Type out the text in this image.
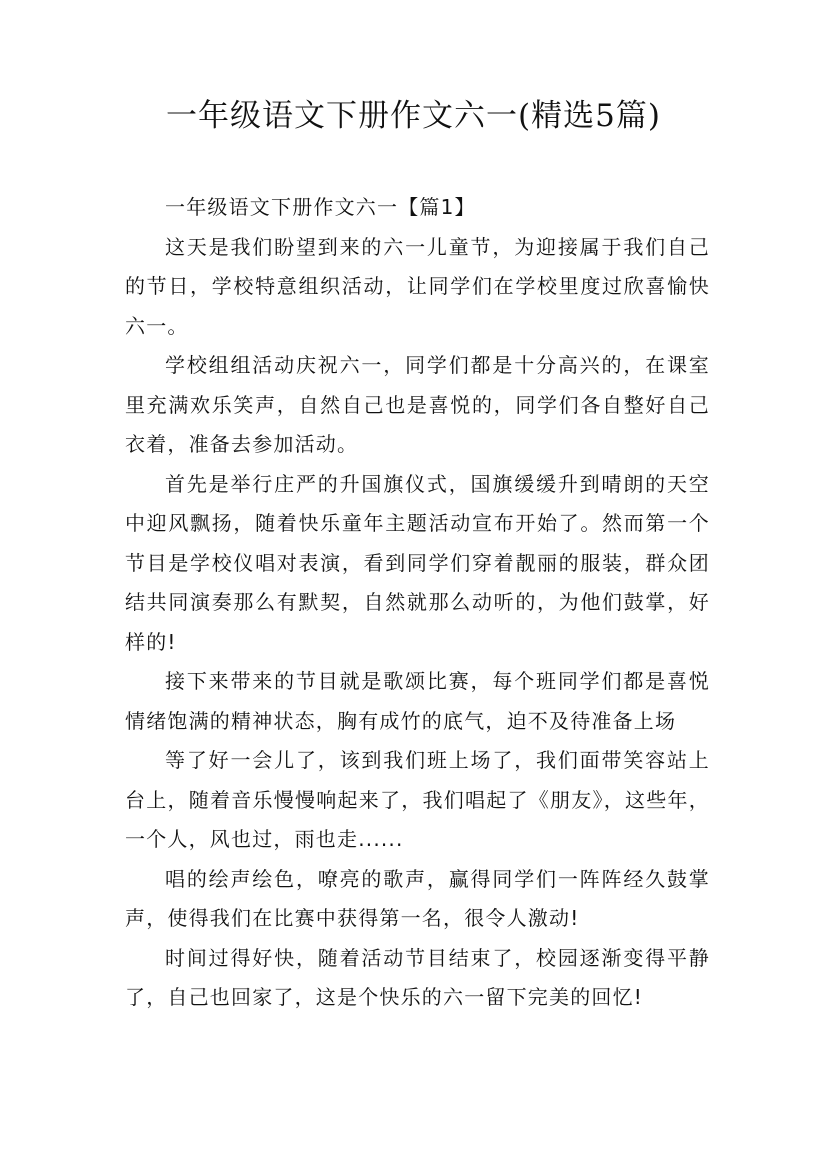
一年级语文下册作文六一(精选5篇)

一年级语文下册作文六一【篇1】

这天是我们盼望到来的六一儿童节，为迎接属于我们自己的节日，学校特意组织活动，让同学们在学校里度过欣喜愉快六一。

学校组组活动庆祝六一，同学们都是十分高兴的，在课室里充满欢乐笑声，自然自己也是喜悦的，同学们各自整好自己衣着，准备去参加活动。

首先是举行庄严的升国旗仪式，国旗缓缓升到晴朗的天空中迎风飘扬，随着快乐童年主题活动宣布开始了。然而第一个节目是学校仪唱对表演，看到同学们穿着靓丽的服装，群众团结共同演奏那么有默契，自然就那么动听的，为他们鼓掌，好样的!

接下来带来的节目就是歌颂比赛，每个班同学们都是喜悦情绪饱满的精神状态，胸有成竹的底气，迫不及待准备上场

等了好一会儿了，该到我们班上场了，我们面带笑容站上台上，随着音乐慢慢响起来了，我们唱起了《朋友》，这些年，一个人，风也过，雨也走......

唱的绘声绘色，嘹亮的歌声，赢得同学们一阵阵经久鼓掌声，使得我们在比赛中获得第一名，很令人激动!

时间过得好快，随着活动节目结束了，校园逐渐变得平静了，自己也回家了，这是个快乐的六一留下完美的回忆!
